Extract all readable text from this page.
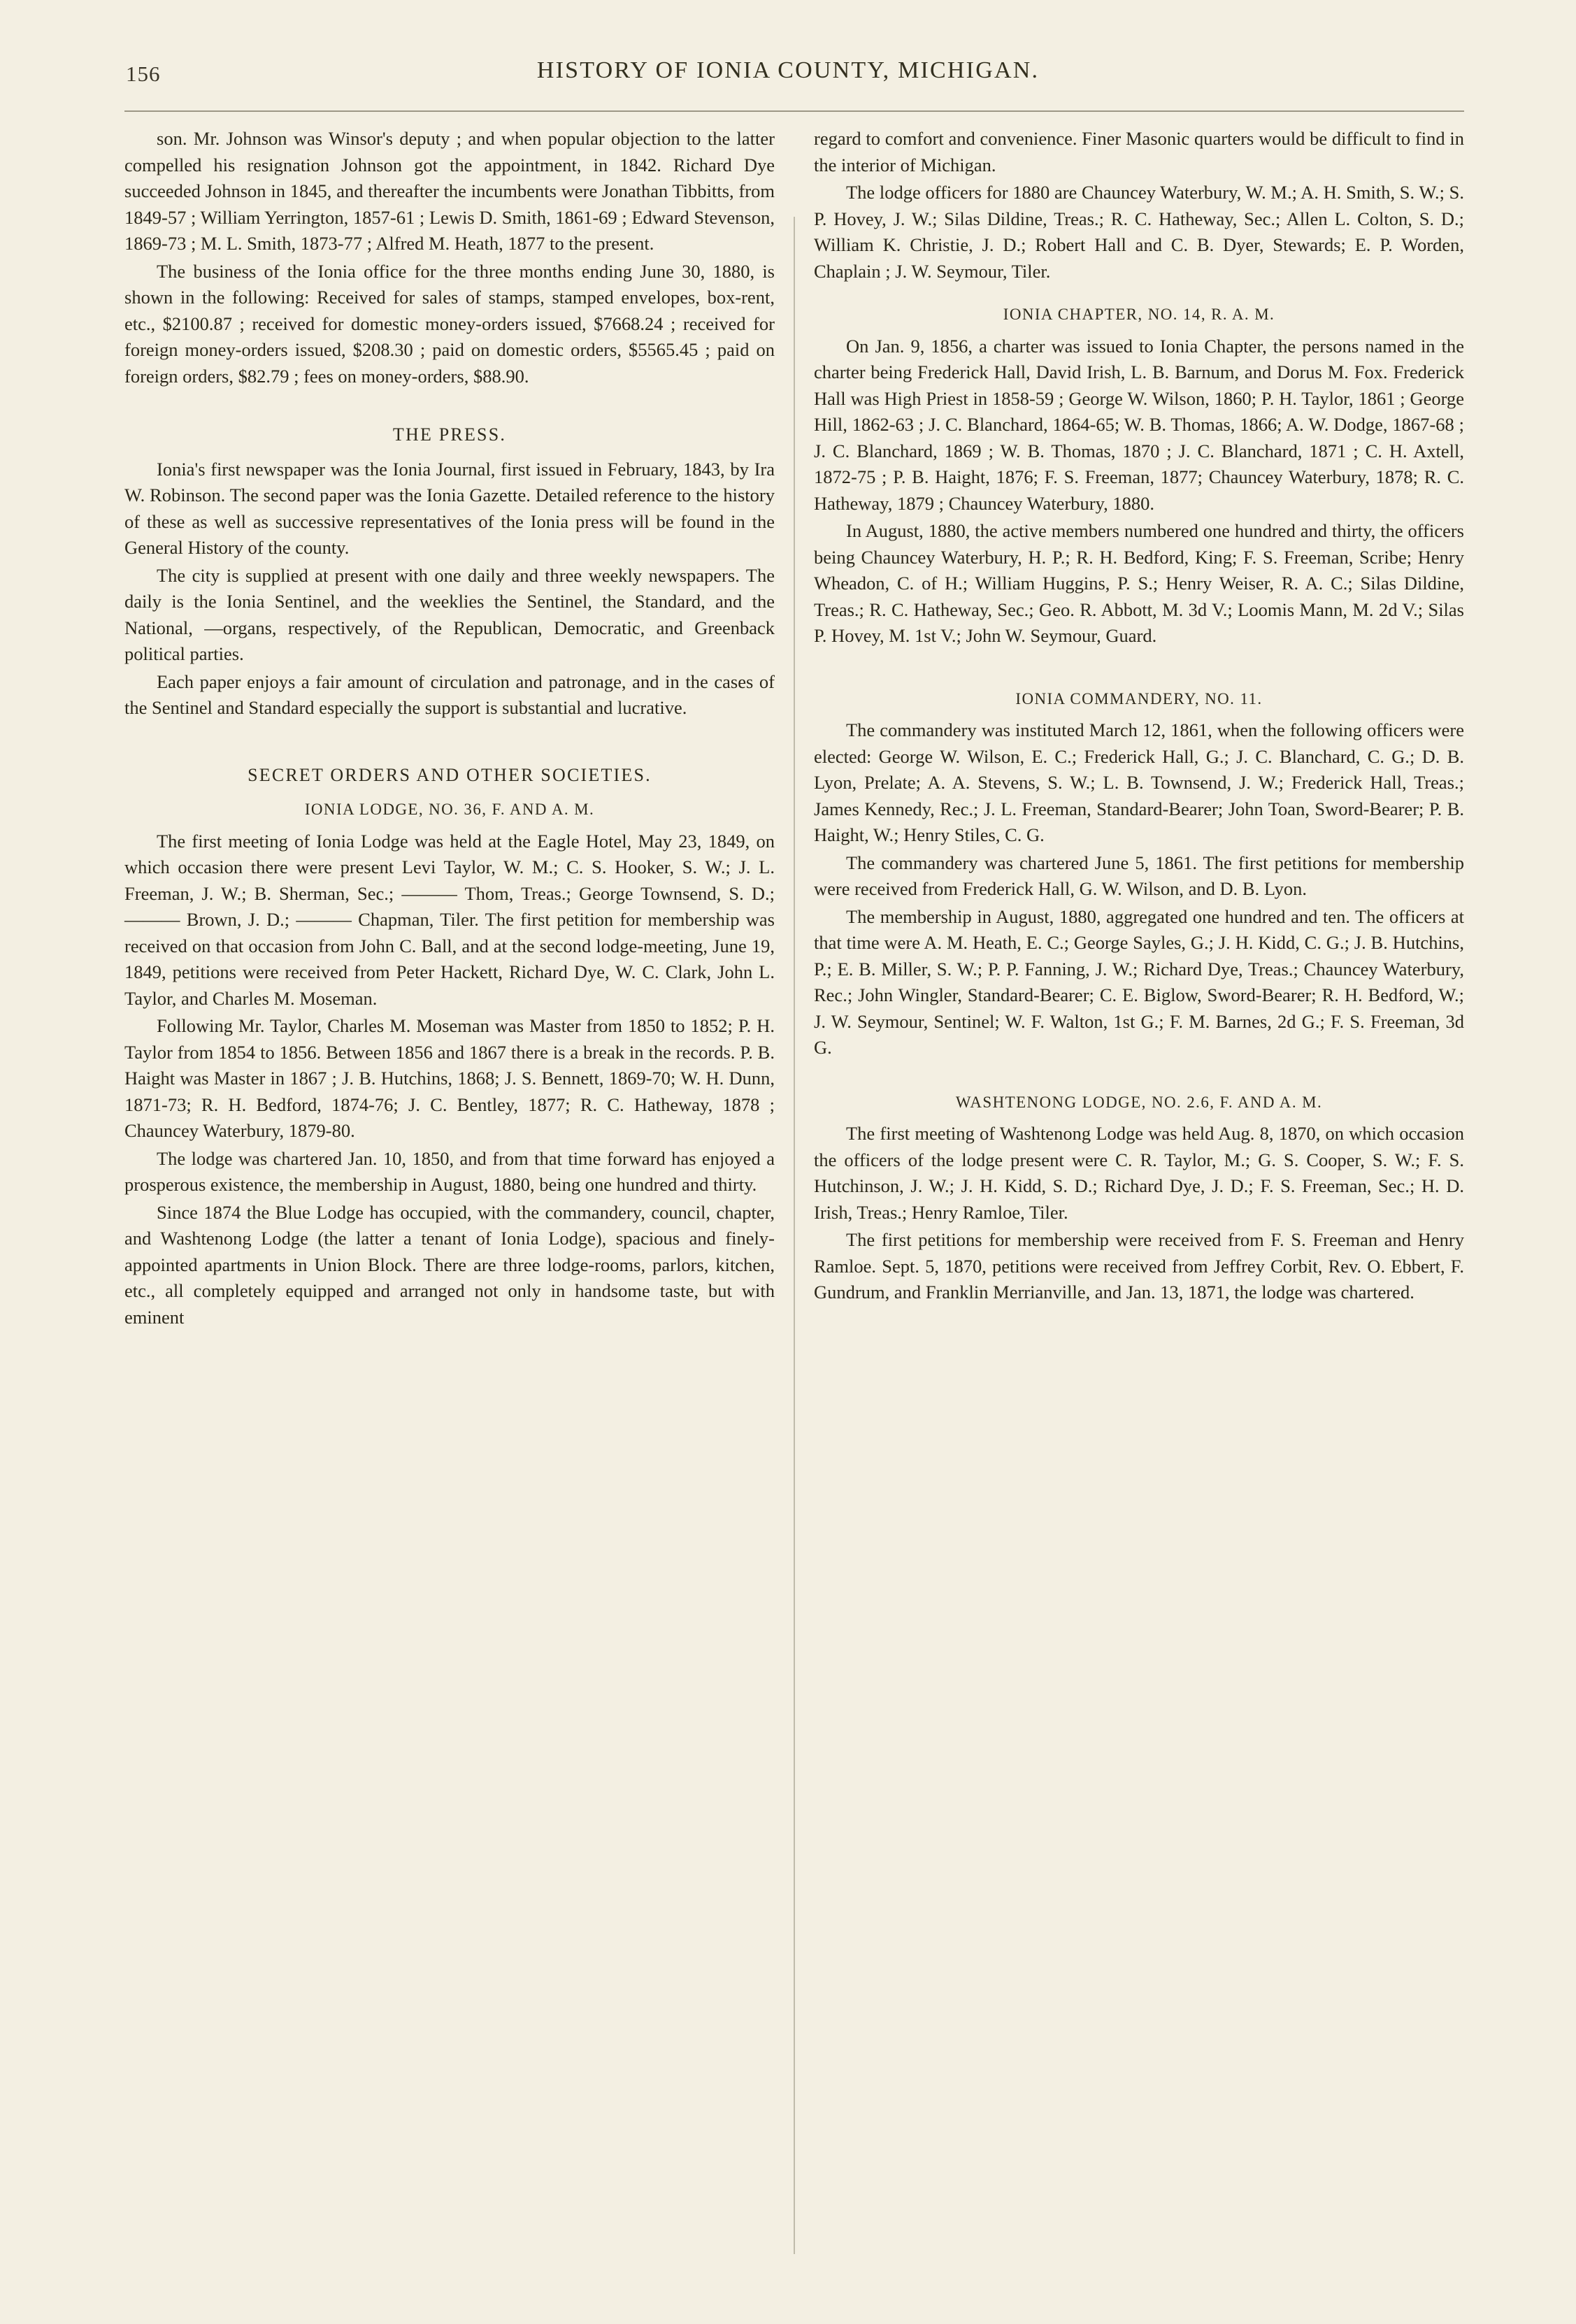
156	HISTORY OF IONIA COUNTY, MICHIGAN.

son. Mr. Johnson was Winsor's deputy ; and when popular objection to the latter compelled his resignation Johnson got the appointment, in 1842. Richard Dye succeeded Johnson in 1845, and thereafter the incumbents were Jonathan Tibbitts, from 1849-57 ; William Yerrington, 1857-61 ; Lewis D. Smith, 1861-69 ; Edward Stevenson, 1869-73 ; M. L. Smith, 1873-77 ; Alfred M. Heath, 1877 to the present.

The business of the Ionia office for the three months ending June 30, 1880, is shown in the following: Received for sales of stamps, stamped envelopes, box-rent, etc., $2100.87 ; received for domestic money-orders issued, $7668.24 ; received for foreign money-orders issued, $208.30 ; paid on domestic orders, $5565.45 ; paid on foreign orders, $82.79 ; fees on money-orders, $88.90.

THE PRESS.

Ionia's first newspaper was the Ionia Journal, first issued in February, 1843, by Ira W. Robinson. The second paper was the Ionia Gazette. Detailed reference to the history of these as well as successive representatives of the Ionia press will be found in the General History of the county.

The city is supplied at present with one daily and three weekly newspapers. The daily is the Ionia Sentinel, and the weeklies the Sentinel, the Standard, and the National, —organs, respectively, of the Republican, Democratic, and Greenback political parties.

Each paper enjoys a fair amount of circulation and patronage, and in the cases of the Sentinel and Standard especially the support is substantial and lucrative.

SECRET ORDERS AND OTHER SOCIETIES.

IONIA LODGE, NO. 36, F. AND A. M.

The first meeting of Ionia Lodge was held at the Eagle Hotel, May 23, 1849, on which occasion there were present Levi Taylor, W. M.; C. S. Hooker, S. W.; J. L. Freeman, J. W.; B. Sherman, Sec.; ——— Thom, Treas.; George Townsend, S. D.; ——— Brown, J. D.; ——— Chapman, Tiler. The first petition for membership was received on that occasion from John C. Ball, and at the second lodge-meeting, June 19, 1849, petitions were received from Peter Hackett, Richard Dye, W. C. Clark, John L. Taylor, and Charles M. Moseman.

Following Mr. Taylor, Charles M. Moseman was Master from 1850 to 1852; P. H. Taylor from 1854 to 1856. Between 1856 and 1867 there is a break in the records. P. B. Haight was Master in 1867 ; J. B. Hutchins, 1868; J. S. Bennett, 1869-70; W. H. Dunn, 1871-73; R. H. Bedford, 1874-76; J. C. Bentley, 1877; R. C. Hatheway, 1878 ; Chauncey Waterbury, 1879-80.

The lodge was chartered Jan. 10, 1850, and from that time forward has enjoyed a prosperous existence, the membership in August, 1880, being one hundred and thirty.

Since 1874 the Blue Lodge has occupied, with the commandery, council, chapter, and Washtenong Lodge (the latter a tenant of Ionia Lodge), spacious and finely-appointed apartments in Union Block. There are three lodge-rooms, parlors, kitchen, etc., all completely equipped and arranged not only in handsome taste, but with eminent

regard to comfort and convenience. Finer Masonic quarters would be difficult to find in the interior of Michigan.

The lodge officers for 1880 are Chauncey Waterbury, W. M.; A. H. Smith, S. W.; S. P. Hovey, J. W.; Silas Dildine, Treas.; R. C. Hatheway, Sec.; Allen L. Colton, S. D.; William K. Christie, J. D.; Robert Hall and C. B. Dyer, Stewards; E. P. Worden, Chaplain ; J. W. Seymour, Tiler.

IONIA CHAPTER, NO. 14, R. A. M.

On Jan. 9, 1856, a charter was issued to Ionia Chapter, the persons named in the charter being Frederick Hall, David Irish, L. B. Barnum, and Dorus M. Fox. Frederick Hall was High Priest in 1858-59 ; George W. Wilson, 1860; P. H. Taylor, 1861 ; George Hill, 1862-63 ; J. C. Blanchard, 1864-65; W. B. Thomas, 1866; A. W. Dodge, 1867-68 ; J. C. Blanchard, 1869 ; W. B. Thomas, 1870 ; J. C. Blanchard, 1871 ; C. H. Axtell, 1872-75 ; P. B. Haight, 1876; F. S. Freeman, 1877; Chauncey Waterbury, 1878; R. C. Hatheway, 1879 ; Chauncey Waterbury, 1880.

In August, 1880, the active members numbered one hundred and thirty, the officers being Chauncey Waterbury, H. P.; R. H. Bedford, King; F. S. Freeman, Scribe; Henry Wheadon, C. of H.; William Huggins, P. S.; Henry Weiser, R. A. C.; Silas Dildine, Treas.; R. C. Hatheway, Sec.; Geo. R. Abbott, M. 3d V.; Loomis Mann, M. 2d V.; Silas P. Hovey, M. 1st V.; John W. Seymour, Guard.

IONIA COMMANDERY, NO. 11.

The commandery was instituted March 12, 1861, when the following officers were elected: George W. Wilson, E. C.; Frederick Hall, G.; J. C. Blanchard, C. G.; D. B. Lyon, Prelate; A. A. Stevens, S. W.; L. B. Townsend, J. W.; Frederick Hall, Treas.; James Kennedy, Rec.; J. L. Freeman, Standard-Bearer; John Toan, Sword-Bearer; P. B. Haight, W.; Henry Stiles, C. G.

The commandery was chartered June 5, 1861. The first petitions for membership were received from Frederick Hall, G. W. Wilson, and D. B. Lyon.

The membership in August, 1880, aggregated one hundred and ten. The officers at that time were A. M. Heath, E. C.; George Sayles, G.; J. H. Kidd, C. G.; J. B. Hutchins, P.; E. B. Miller, S. W.; P. P. Fanning, J. W.; Richard Dye, Treas.; Chauncey Waterbury, Rec.; John Wingler, Standard-Bearer; C. E. Biglow, Sword-Bearer; R. H. Bedford, W.; J. W. Seymour, Sentinel; W. F. Walton, 1st G.; F. M. Barnes, 2d G.; F. S. Freeman, 3d G.

WASHTENONG LODGE, NO. 2.6, F. AND A. M.

The first meeting of Washtenong Lodge was held Aug. 8, 1870, on which occasion the officers of the lodge present were C. R. Taylor, M.; G. S. Cooper, S. W.; F. S. Hutchinson, J. W.; J. H. Kidd, S. D.; Richard Dye, J. D.; F. S. Freeman, Sec.; H. D. Irish, Treas.; Henry Ramloe, Tiler.

The first petitions for membership were received from F. S. Freeman and Henry Ramloe. Sept. 5, 1870, petitions were received from Jeffrey Corbit, Rev. O. Ebbert, F. Gundrum, and Franklin Merrianville, and Jan. 13, 1871, the lodge was chartered.
